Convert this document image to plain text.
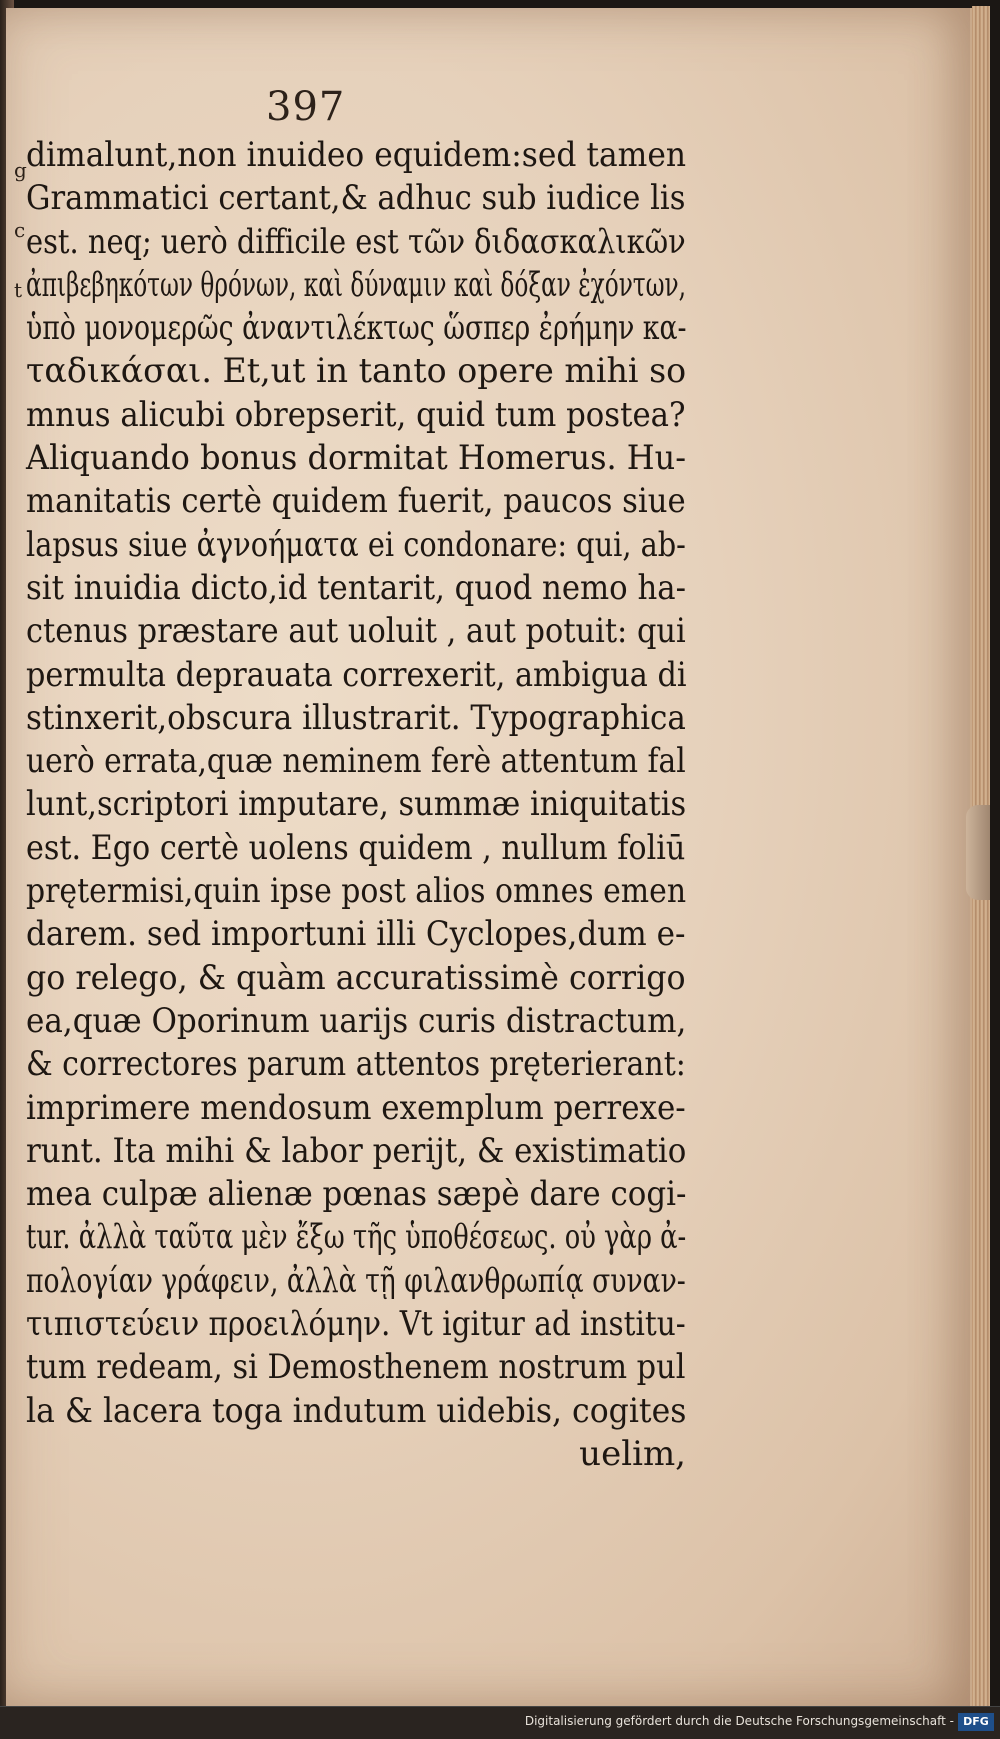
g
c
t
397
dimalunt,non inuideo equidem:sed tamen
Grammatici certant,& adhuc sub iudice lis
est. neq; uerò difficile est τῶν διδασκαλικῶν
ἀπιβεβηκότων θρόνων, καὶ δύναμιν καὶ δόξαν ἐχόντων,
ὑπὸ μονομερῶς ἀναντιλέκτως ὥσπερ ἐρήμην κα-
ταδικάσαι. Et,ut in tanto opere mihi so
mnus alicubi obrepserit, quid tum postea?
Aliquando bonus dormitat Homerus. Hu-
manitatis certè quidem fuerit, paucos siue
lapsus siue ἀγνοήματα ei condonare: qui, ab-
sit inuidia dicto,id tentarit, quod nemo ha-
ctenus præstare aut uoluit , aut potuit: qui
permulta deprauata correxerit, ambigua di
stinxerit,obscura illustrarit. Typographica
uerò errata,quæ neminem ferè attentum fal
lunt,scriptori imputare, summæ iniquitatis
est. Ego certè uolens quidem , nullum foliū
prętermisi,quin ipse post alios omnes emen
darem. sed importuni illi Cyclopes,dum e-
go relego, & quàm accuratissimè corrigo
ea,quæ Oporinum uarijs curis distractum,
& correctores parum attentos pręterierant:
imprimere mendosum exemplum perrexe-
runt. Ita mihi & labor perijt, & existimatio
mea culpæ alienæ pœnas sæpè dare cogi-
tur. ἀλλὰ ταῦτα μὲν ἔξω τῆς ὑποθέσεως. οὐ γὰρ ἀ-
πολογίαν γράφειν, ἀλλὰ τῇ φιλανθρωπίᾳ συναν-
τιπιστεύειν προειλόμην. Vt igitur ad institu-
tum redeam, si Demosthenem nostrum pul
la & lacera toga indutum uidebis, cogites
uelim,
Digitalisierung gefördert durch die Deutsche Forschungsgemeinschaft - DFG
